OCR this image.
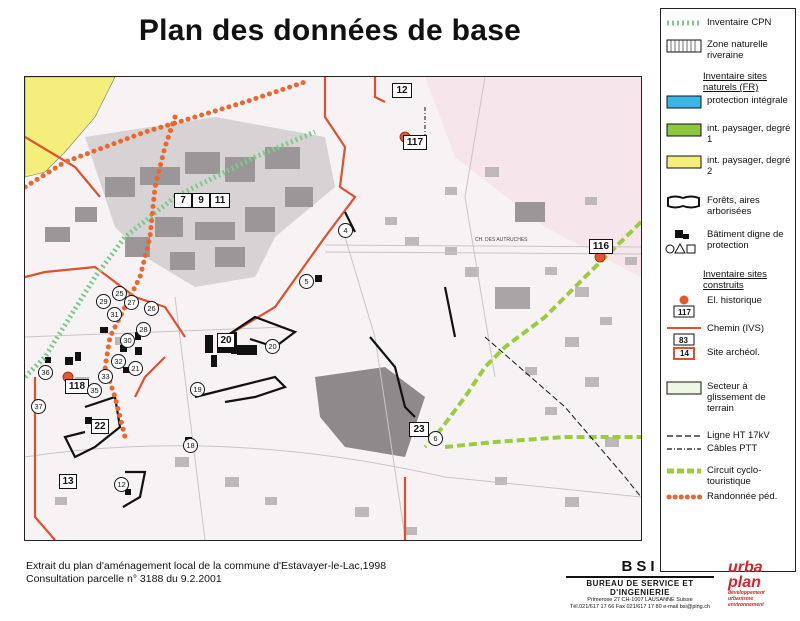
Plan des données de base
12
117
7	9	11
116
20
118
22	23
13
4
5
25
27
29
26
31
28
30
32
21
33
36
35
37
19
18
6
20
12
CH. DES AUTRUCHES
Inventaire CPN
Zone naturelle riveraine
Inventaire sites naturels (FR)
protection intégrale
int. paysager, degré 1
int. paysager, degré 2
Forêts, aires arborisées
Bâtiment digne de protection
Inventaire sites construits
117
El. historique
83
Chemin (IVS)
14 Site archéol.
Secteur à glissement de terrain
Ligne HT 17kV
Câbles PTT
Circuit cyclo-touristique
Randonnée péd.
Extrait du plan d'aménagement local de la commune d'Estavayer-le-Lac,1998
Consultation parcelle n° 3188 du 9.2.2001
BSI
BUREAU DE SERVICE ET D'INGENIERIE
Primerose 27 CH-1007 LAUSANNE Suisse
Tél.021/617 17 66 Fax 021/617 17 80 e-mail bsi@ping.ch
urba
plan
développement
urbanisme
environnement
